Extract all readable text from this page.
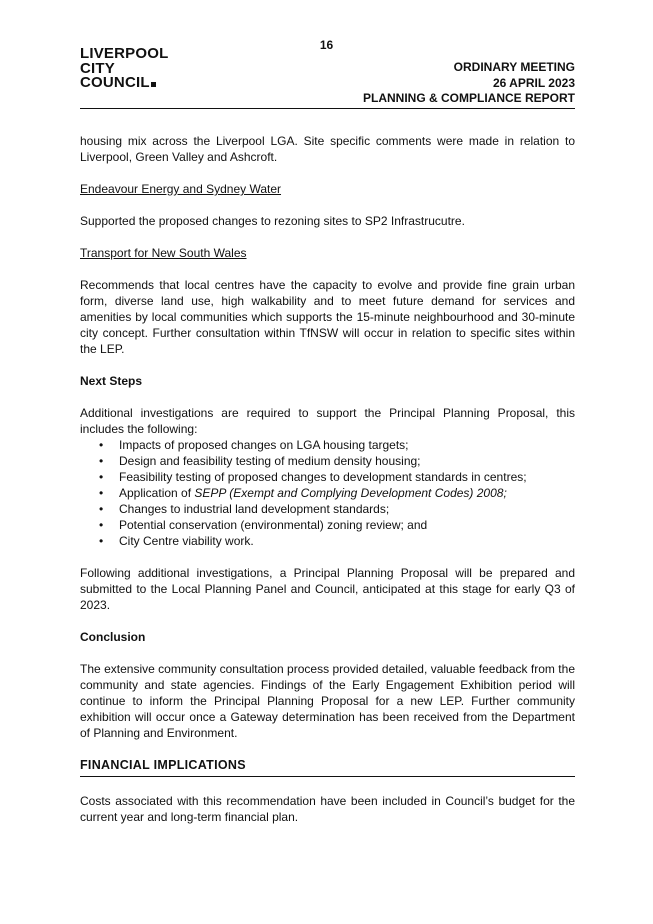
16
LIVERPOOL
CITY
COUNCIL
ORDINARY MEETING
26 APRIL 2023
PLANNING & COMPLIANCE REPORT

housing mix across the Liverpool LGA. Site specific comments were made in relation to Liverpool, Green Valley and Ashcroft.

Endeavour Energy and Sydney Water

Supported the proposed changes to rezoning sites to SP2 Infrastrucutre.

Transport for New South Wales

Recommends that local centres have the capacity to evolve and provide fine grain urban form, diverse land use, high walkability and to meet future demand for services and amenities by local communities which supports the 15-minute neighbourhood and 30-minute city concept. Further consultation within TfNSW will occur in relation to specific sites within the LEP.

Next Steps

Additional investigations are required to support the Principal Planning Proposal, this includes the following:

• Impacts of proposed changes on LGA housing targets;
• Design and feasibility testing of medium density housing;
• Feasibility testing of proposed changes to development standards in centres;
• Application of SEPP (Exempt and Complying Development Codes) 2008;
• Changes to industrial land development standards;
• Potential conservation (environmental) zoning review; and
• City Centre viability work.

Following additional investigations, a Principal Planning Proposal will be prepared and submitted to the Local Planning Panel and Council, anticipated at this stage for early Q3 of 2023.

Conclusion

The extensive community consultation process provided detailed, valuable feedback from the community and state agencies. Findings of the Early Engagement Exhibition period will continue to inform the Principal Planning Proposal for a new LEP. Further community exhibition will occur once a Gateway determination has been received from the Department of Planning and Environment.

FINANCIAL IMPLICATIONS

Costs associated with this recommendation have been included in Council’s budget for the current year and long-term financial plan.
